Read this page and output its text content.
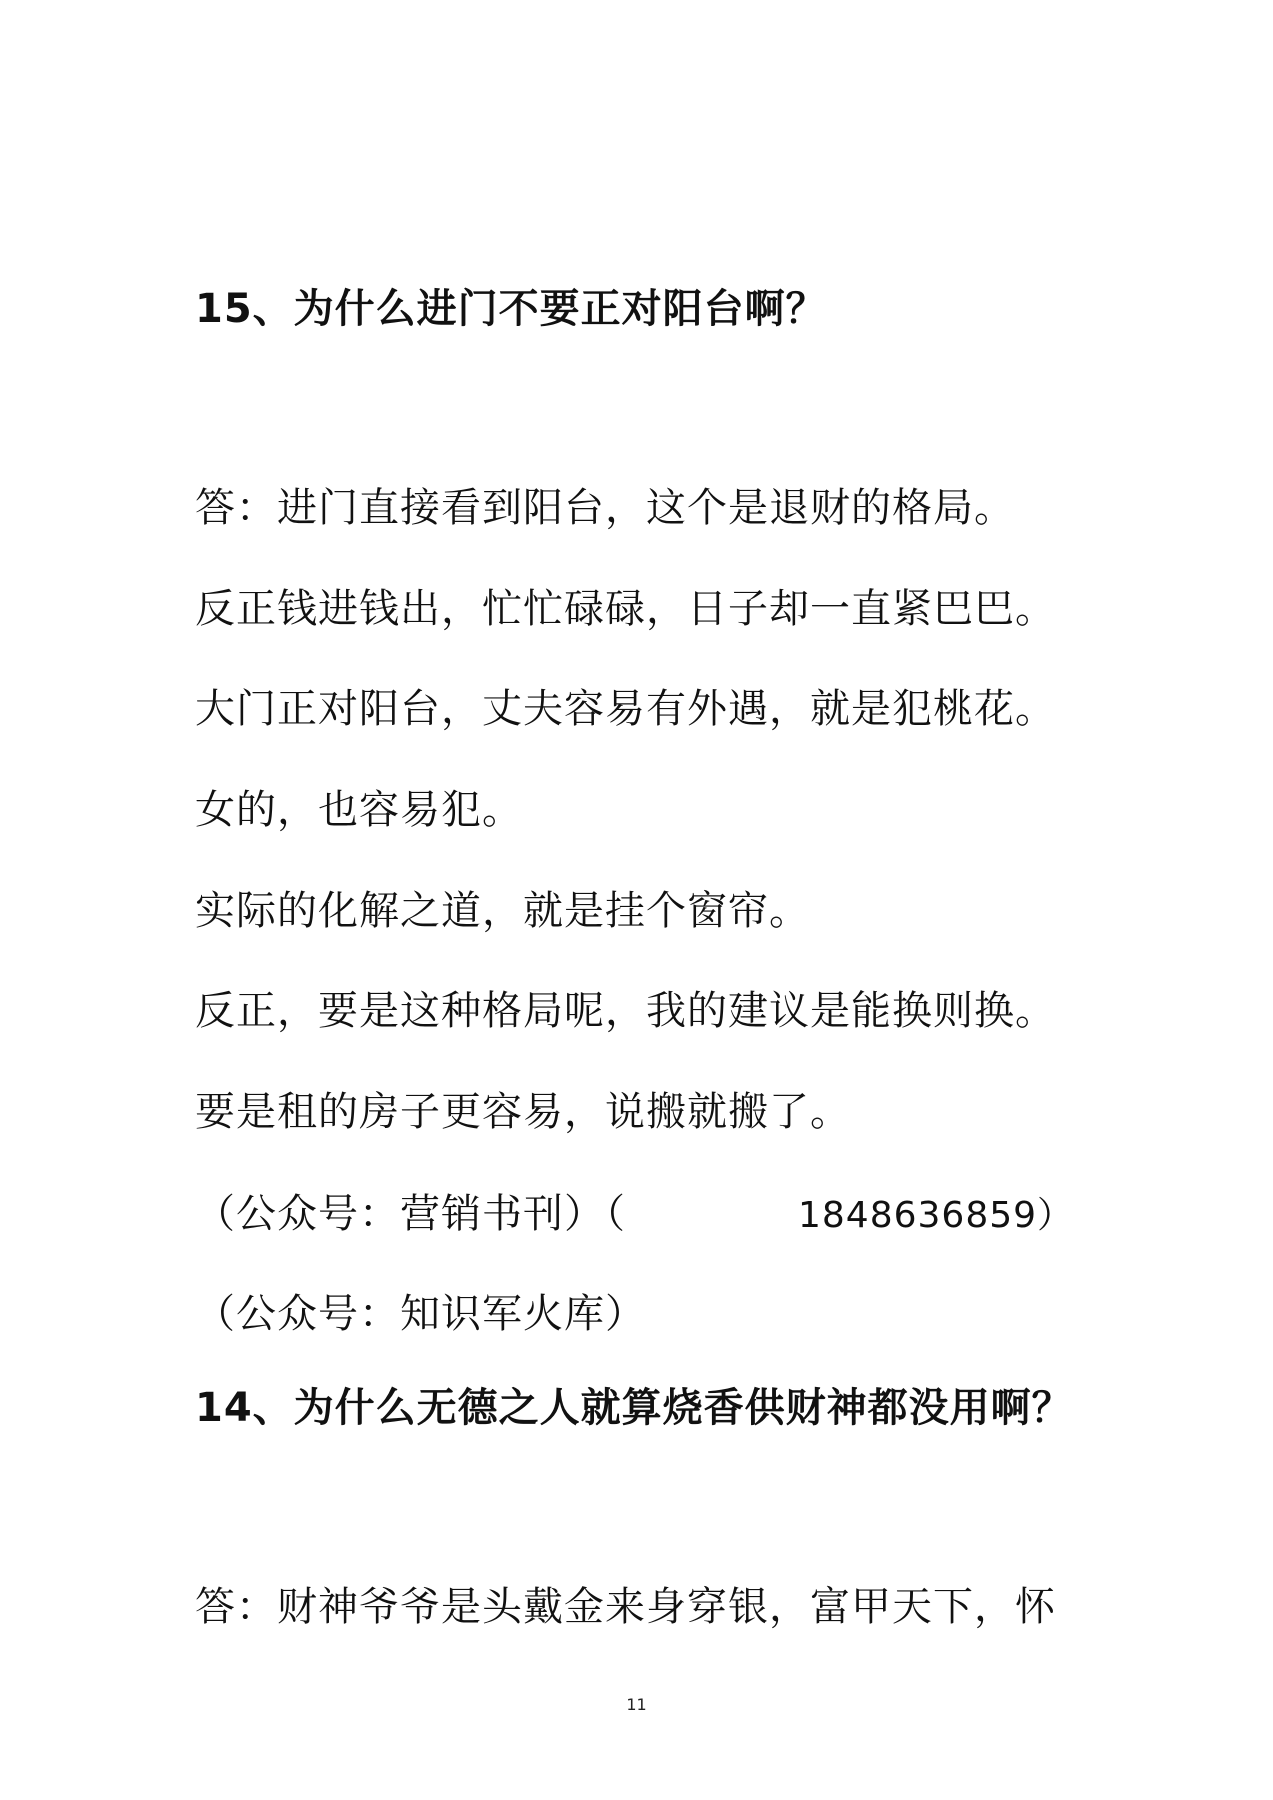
15、为什么进门不要正对阳台啊？
答：进门直接看到阳台，这个是退财的格局。
反正钱进钱出，忙忙碌碌，日子却一直紧巴巴。
大门正对阳台，丈夫容易有外遇，就是犯桃花。
女的，也容易犯。
实际的化解之道，就是挂个窗帘。
反正，要是这种格局呢，我的建议是能换则换。
要是租的房子更容易，说搬就搬了。
（公众号：营销书刊）（	1848636859）
（公众号：知识军火库）
14、为什么无德之人就算烧香供财神都没用啊？
答：财神爷爷是头戴金来身穿银，富甲天下，怀
11
